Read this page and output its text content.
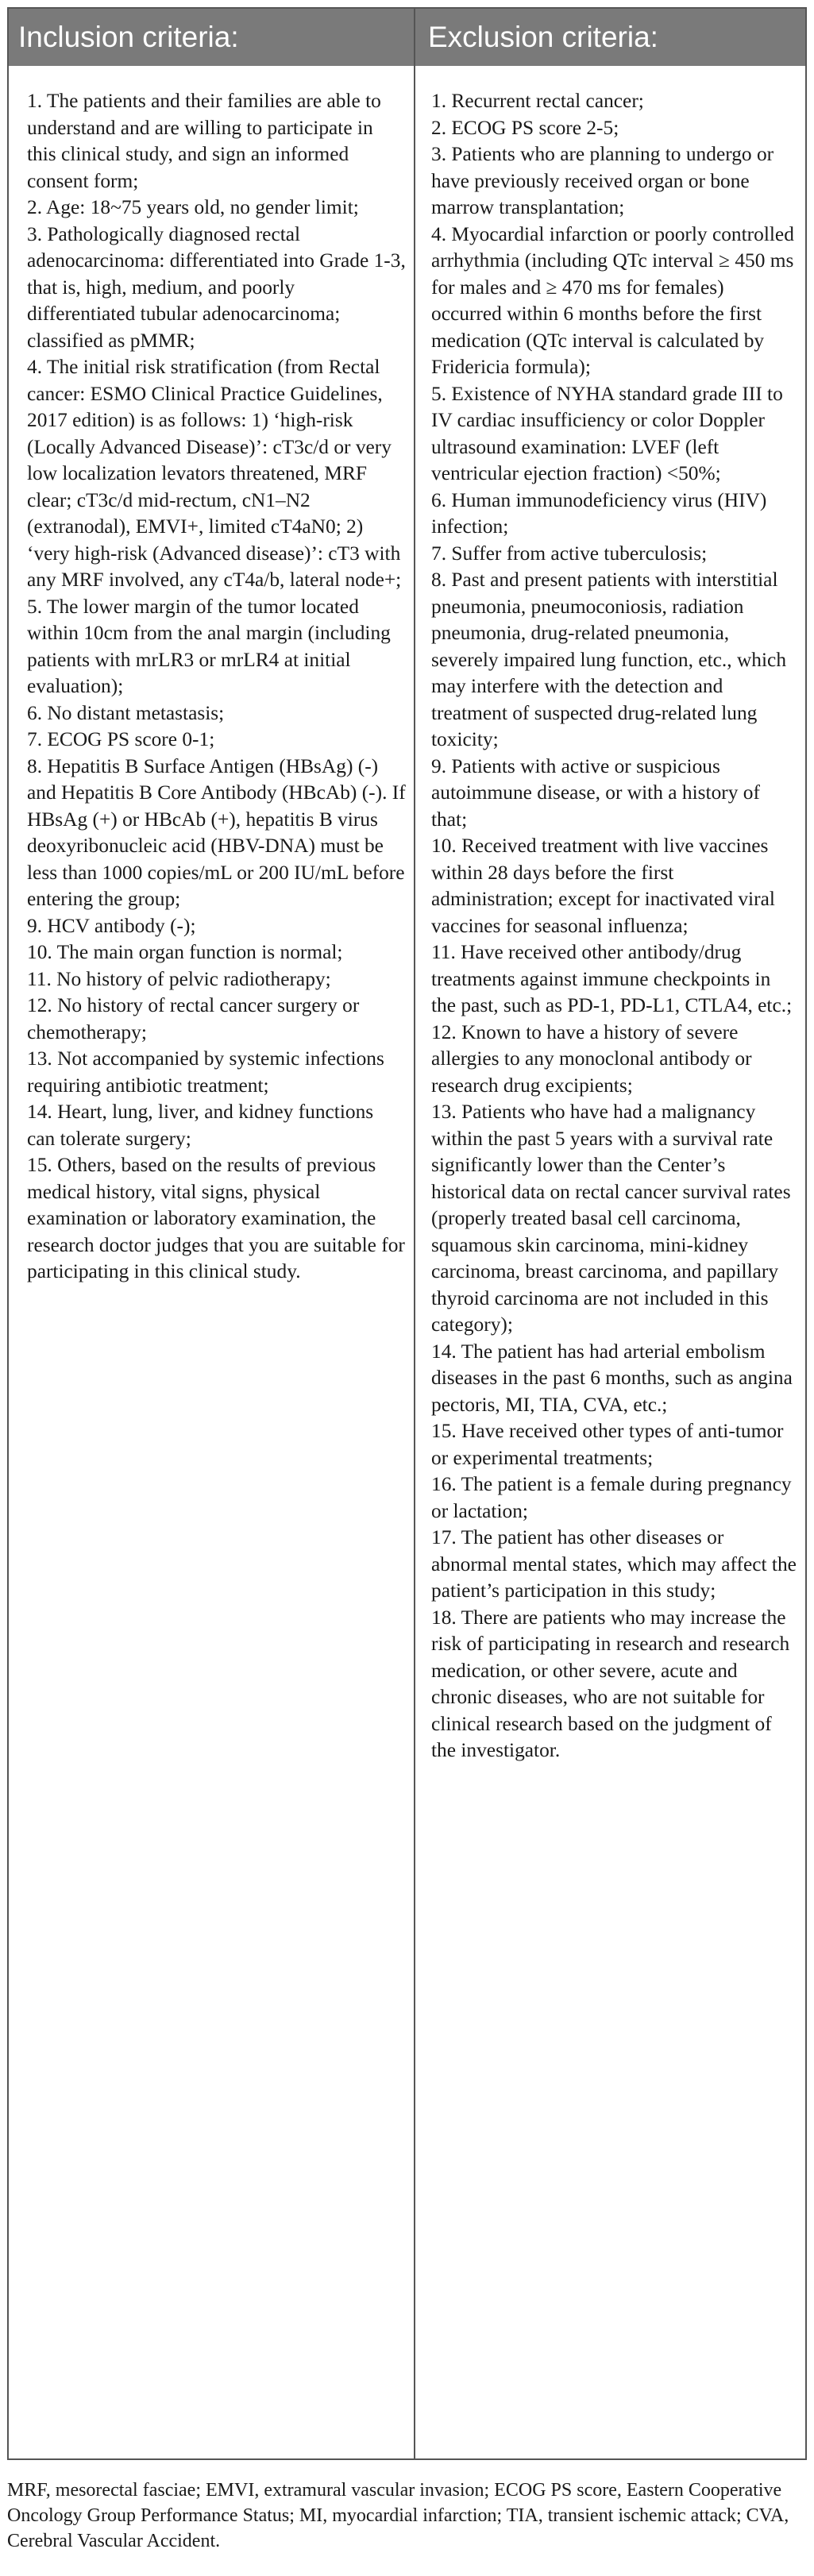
Inclusion criteria:	Exclusion criteria:

1. The patients and their families are able to understand and are willing to participate in this clinical study, and sign an informed consent form;

2. Age: 18~75 years old, no gender limit;

3. Pathologically diagnosed rectal adenocarcinoma: differentiated into Grade 1-3, that is, high, medium, and poorly differentiated tubular adenocarcinoma; classified as pMMR;

4. The initial risk stratification (from Rectal cancer: ESMO Clinical Practice Guidelines, 2017 edition) is as follows: 1) ‘high-risk (Locally Advanced Disease)’: cT3c/d or very low localization levators threatened, MRF clear; cT3c/d mid-rectum, cN1–N2 (extranodal), EMVI+, limited cT4aN0; 2) ‘very high-risk (Advanced disease)’: cT3 with any MRF involved, any cT4a/b, lateral node+;

5. The lower margin of the tumor located within 10cm from the anal margin (including patients with mrLR3 or mrLR4 at initial evaluation);

6. No distant metastasis;

7. ECOG PS score 0-1;

8. Hepatitis B Surface Antigen (HBsAg) (-) and Hepatitis B Core Antibody (HBcAb) (-). If HBsAg (+) or HBcAb (+), hepatitis B virus deoxyribonucleic acid (HBV-DNA) must be less than 1000 copies/mL or 200 IU/mL before entering the group;

9. HCV antibody (-);

10. The main organ function is normal;

11. No history of pelvic radiotherapy;

12. No history of rectal cancer surgery or chemotherapy;

13. Not accompanied by systemic infections requiring antibiotic treatment;

14. Heart, lung, liver, and kidney functions can tolerate surgery;

15. Others, based on the results of previous medical history, vital signs, physical examination or laboratory examination, the research doctor judges that you are suitable for participating in this clinical study.

1. Recurrent rectal cancer;

2. ECOG PS score 2-5;

3. Patients who are planning to undergo or have previously received organ or bone marrow transplantation;

4. Myocardial infarction or poorly controlled arrhythmia (including QTc interval ≥ 450 ms for males and ≥ 470 ms for females) occurred within 6 months before the first medication (QTc interval is calculated by Fridericia formula);

5. Existence of NYHA standard grade III to IV cardiac insufficiency or color Doppler ultrasound examination: LVEF (left ventricular ejection fraction) <50%;

6. Human immunodeficiency virus (HIV) infection;

7. Suffer from active tuberculosis;

8. Past and present patients with interstitial pneumonia, pneumoconiosis, radiation pneumonia, drug-related pneumonia, severely impaired lung function, etc., which may interfere with the detection and treatment of suspected drug-related lung toxicity;

9. Patients with active or suspicious autoimmune disease, or with a history of that;

10. Received treatment with live vaccines within 28 days before the first administration; except for inactivated viral vaccines for seasonal influenza;

11. Have received other antibody/drug treatments against immune checkpoints in the past, such as PD-1, PD-L1, CTLA4, etc.;

12. Known to have a history of severe allergies to any monoclonal antibody or research drug excipients;

13. Patients who have had a malignancy within the past 5 years with a survival rate significantly lower than the Center’s historical data on rectal cancer survival rates (properly treated basal cell carcinoma, squamous skin carcinoma, mini-kidney carcinoma, breast carcinoma, and papillary thyroid carcinoma are not included in this category);

14. The patient has had arterial embolism diseases in the past 6 months, such as angina pectoris, MI, TIA, CVA, etc.;

15. Have received other types of anti-tumor or experimental treatments;

16. The patient is a female during pregnancy or lactation;

17. The patient has other diseases or abnormal mental states, which may affect the patient’s participation in this study;

18. There are patients who may increase the risk of participating in research and research medication, or other severe, acute and chronic diseases, who are not suitable for clinical research based on the judgment of the investigator.

MRF, mesorectal fasciae; EMVI, extramural vascular invasion; ECOG PS score, Eastern Cooperative Oncology Group Performance Status; MI, myocardial infarction; TIA, transient ischemic attack; CVA, Cerebral Vascular Accident.
